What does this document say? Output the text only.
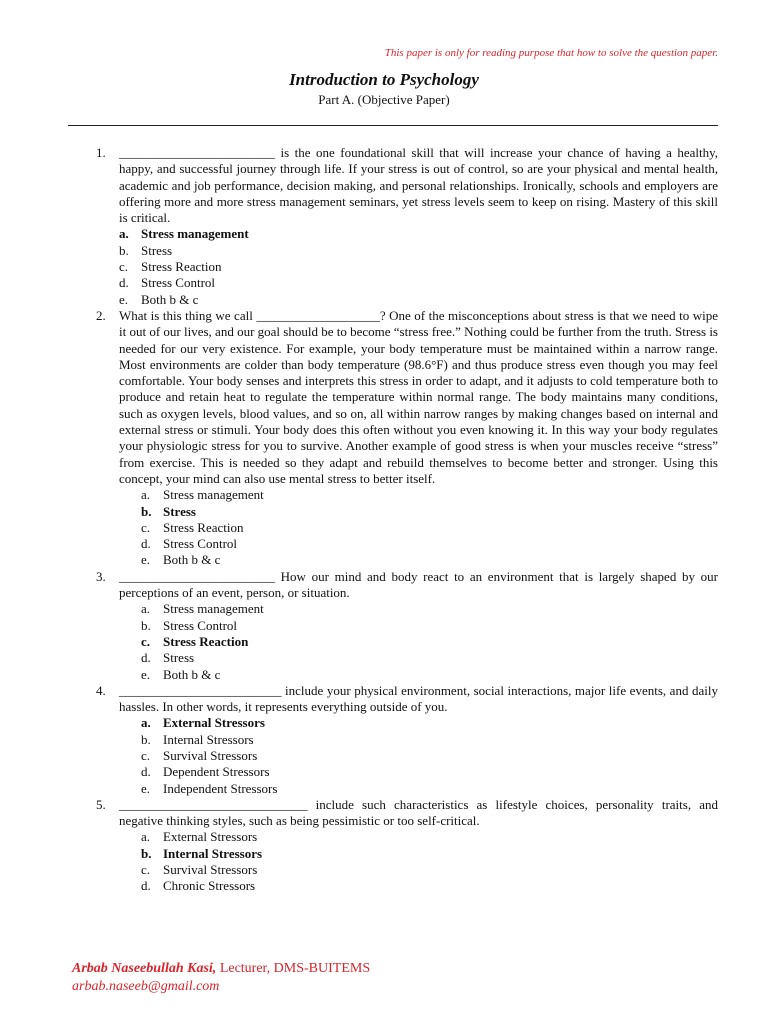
This paper is only for reading purpose that how to solve the question paper.
Introduction to Psychology
Part A. (Objective Paper)
1. ________________________ is the one foundational skill that will increase your chance of having a healthy, happy, and successful journey through life. If your stress is out of control, so are your physical and mental health, academic and job performance, decision making, and personal relationships. Ironically, schools and employers are offering more and more stress management seminars, yet stress levels seem to keep on rising. Mastery of this skill is critical.
a. Stress management
b. Stress
c. Stress Reaction
d. Stress Control
e. Both b & c
2. What is this thing we call ___________________? One of the misconceptions about stress is that we need to wipe it out of our lives, and our goal should be to become “stress free.” Nothing could be further from the truth. Stress is needed for our very existence. For example, your body temperature must be maintained within a narrow range. Most environments are colder than body temperature (98.6°F) and thus produce stress even though you may feel comfortable. Your body senses and interprets this stress in order to adapt, and it adjusts to cold temperature both to produce and retain heat to regulate the temperature within normal range. The body maintains many conditions, such as oxygen levels, blood values, and so on, all within narrow ranges by making changes based on internal and external stress or stimuli. Your body does this often without you even knowing it. In this way your body regulates your physiologic stress for you to survive. Another example of good stress is when your muscles receive “stress” from exercise. This is needed so they adapt and rebuild themselves to become better and stronger. Using this concept, your mind can also use mental stress to better itself.
a. Stress management
b. Stress
c. Stress Reaction
d. Stress Control
e. Both b & c
3. ________________________ How our mind and body react to an environment that is largely shaped by our perceptions of an event, person, or situation.
a. Stress management
b. Stress Control
c. Stress Reaction
d. Stress
e. Both b & c
4. _________________________ include your physical environment, social interactions, major life events, and daily hassles. In other words, it represents everything outside of you.
a. External Stressors
b. Internal Stressors
c. Survival Stressors
d. Dependent Stressors
e. Independent Stressors
5. _____________________________ include such characteristics as lifestyle choices, personality traits, and negative thinking styles, such as being pessimistic or too self-critical.
a. External Stressors
b. Internal Stressors
c. Survival Stressors
d. Chronic Stressors
Arbab Naseebullah Kasi, Lecturer, DMS-BUITEMS
arbab.naseeb@gmail.com
